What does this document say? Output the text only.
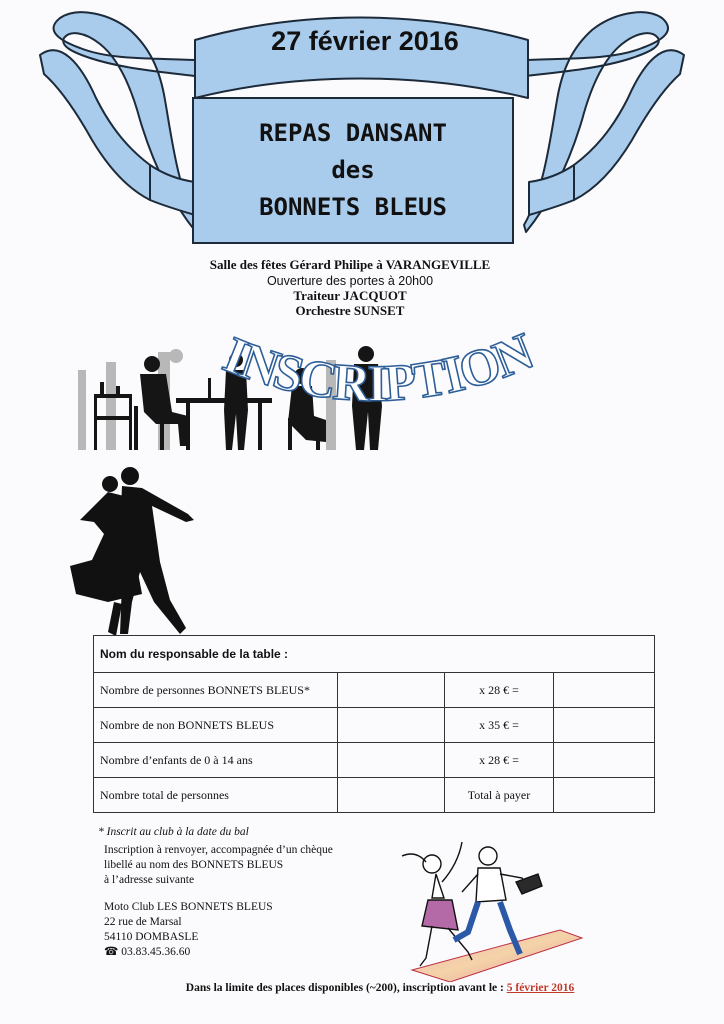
27 février 2016
REPAS DANSANT
des
BONNETS BLEUS
Salle des fêtes Gérard Philipe à VARANGEVILLE
Ouverture des portes à 20h00
Traiteur JACQUOT
Orchestre SUNSET
INSCRIPTION
Nom du responsable de la table :			
Nombre de personnes BONNETS BLEUS*		x 28 € =	
Nombre de non BONNETS BLEUS		x 35 € =	
Nombre d’enfants de 0 à 14 ans		x 28 € =	
Nombre total de personnes		Total à payer	
* Inscrit au club à la date du bal
Inscription à renvoyer, accompagnée d’un chèque
libellé au nom des BONNETS BLEUS
à l’adresse suivante
Moto Club LES BONNETS BLEUS
22 rue de Marsal
54110 DOMBASLE
☎ 03.83.45.36.60
Dans la limite des places disponibles (~200), inscription avant le : 5 février 2016
